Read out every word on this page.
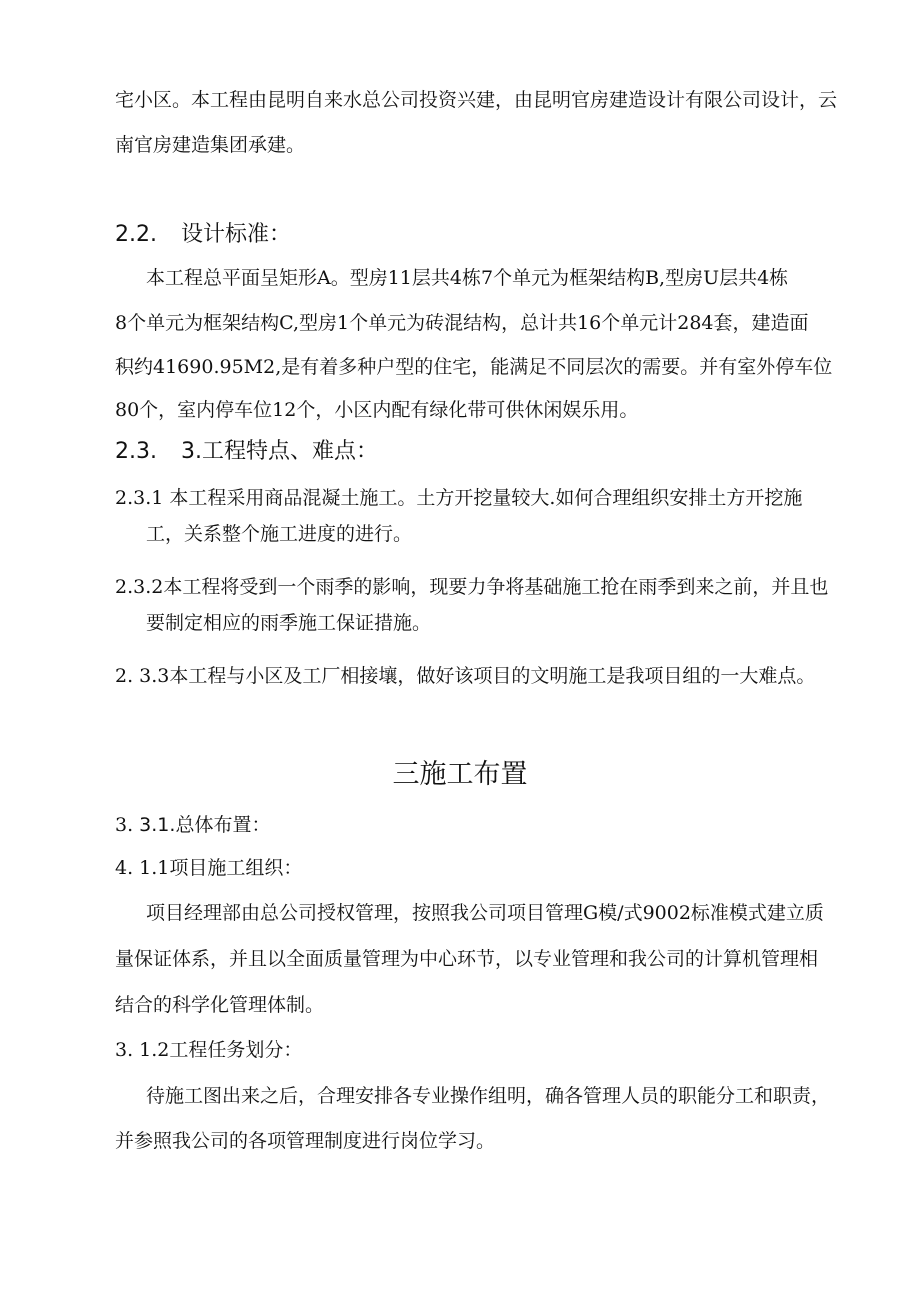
宅小区。本工程由昆明自来水总公司投资兴建，由昆明官房建造设计有限公司设计，云
南官房建造集团承建。
2.2. 设计标准：
本工程总平面呈矩形A。型房11层共4栋7个单元为框架结构B,型房U层共4栋
8个单元为框架结构C,型房1个单元为砖混结构，总计共16个单元计284套，建造面
积约41690.95M2,是有着多种户型的住宅，能满足不同层次的需要。并有室外停车位
80个，室内停车位12个，小区内配有绿化带可供休闲娱乐用。
2.3. 3.工程特点、难点：
2.3.1 本工程采用商品混凝土施工。土方开挖量较大.如何合理组织安排土方开挖施
工，关系整个施工进度的进行。
2.3.2本工程将受到一个雨季的影响，现要力争将基础施工抢在雨季到来之前，并且也
要制定相应的雨季施工保证措施。
2. 3.3本工程与小区及工厂相接壤，做好该项目的文明施工是我项目组的一大难点。
三施工布置
3. 3.1.总体布置：
4. 1.1项目施工组织：
项目经理部由总公司授权管理，按照我公司项目管理G模/式9002标准模式建立质
量保证体系，并且以全面质量管理为中心环节，以专业管理和我公司的计算机管理相
结合的科学化管理体制。
3. 1.2工程任务划分：
待施工图出来之后，合理安排各专业操作组明，确各管理人员的职能分工和职责，
并参照我公司的各项管理制度进行岗位学习。
